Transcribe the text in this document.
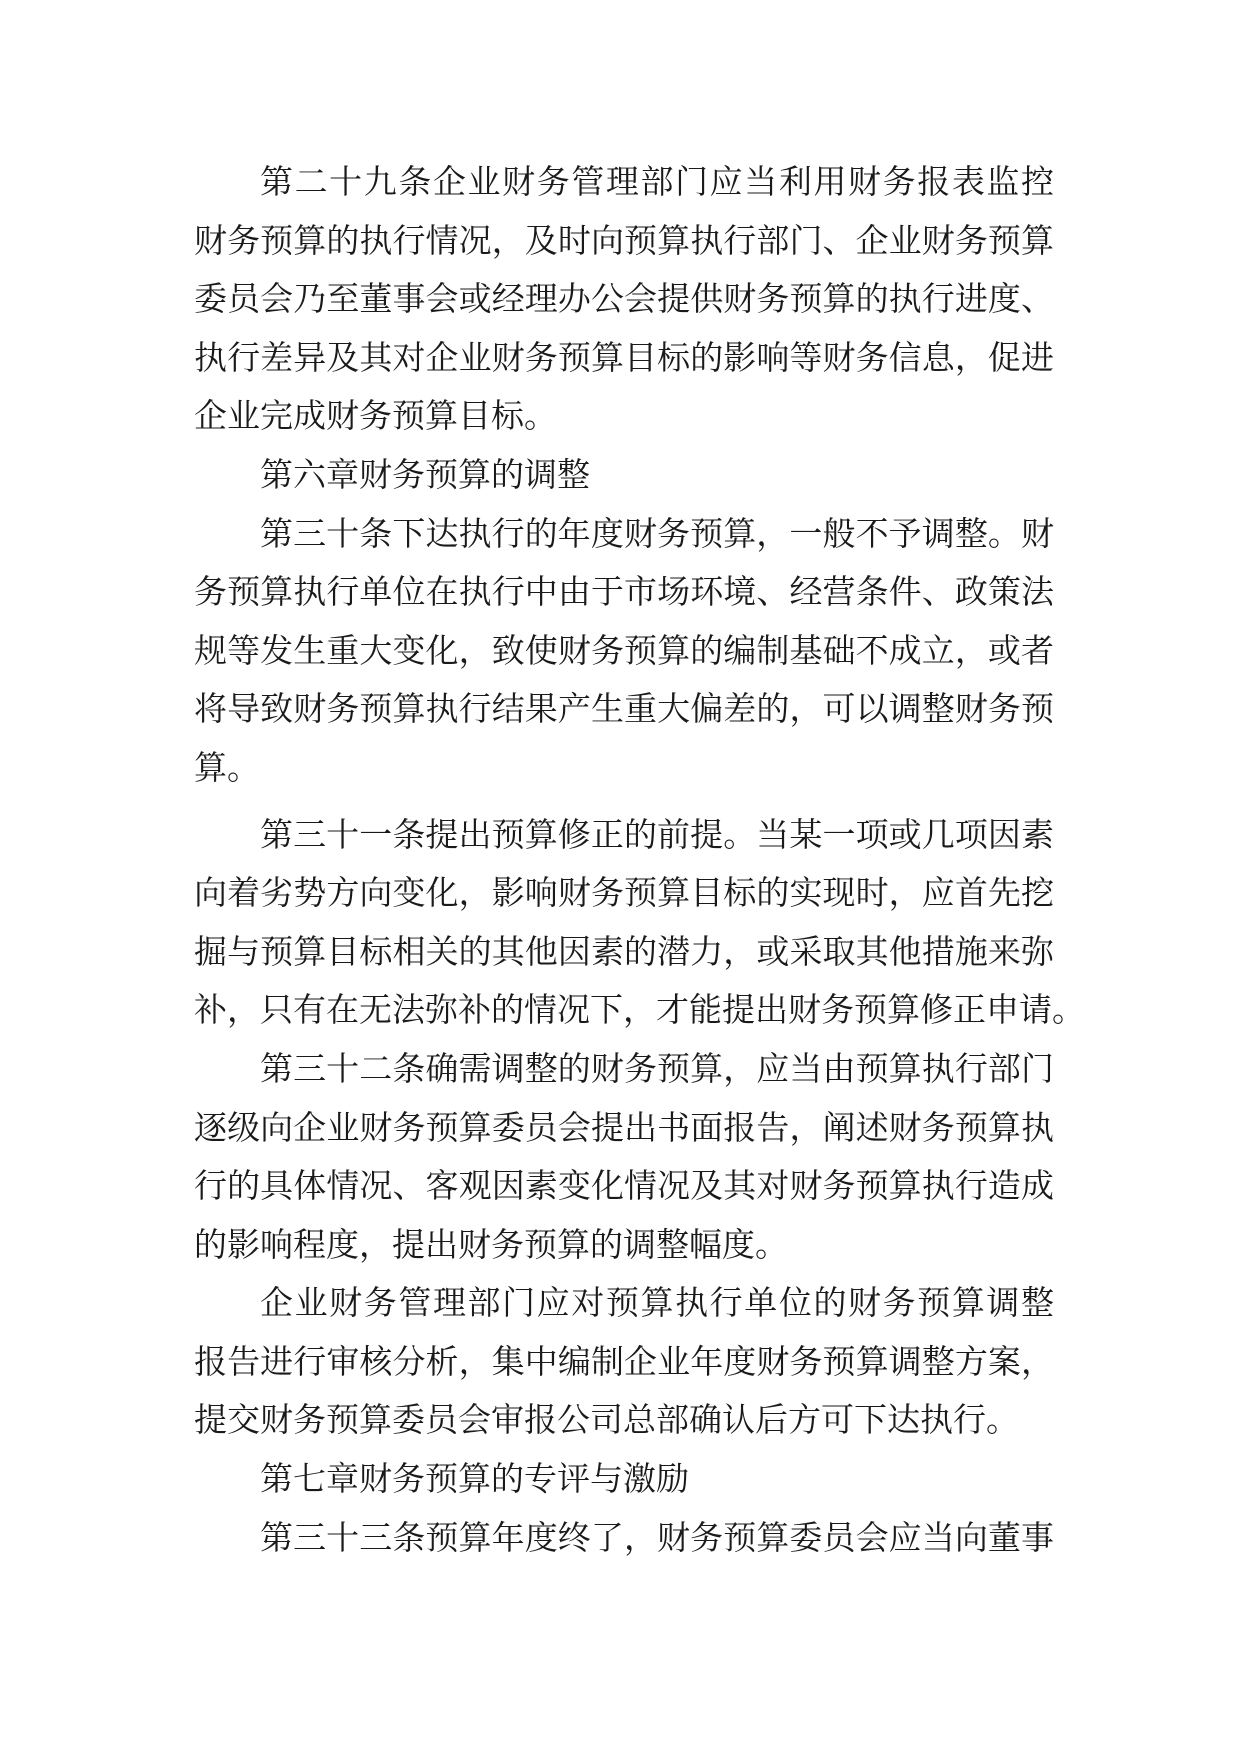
第二十九条企业财务管理部门应当利用财务报表监控
财务预算的执行情况，及时向预算执行部门、企业财务预算
委员会乃至董事会或经理办公会提供财务预算的执行进度、
执行差异及其对企业财务预算目标的影响等财务信息，促进
企业完成财务预算目标。
第六章财务预算的调整
第三十条下达执行的年度财务预算，一般不予调整。财
务预算执行单位在执行中由于市场环境、经营条件、政策法
规等发生重大变化，致使财务预算的编制基础不成立，或者
将导致财务预算执行结果产生重大偏差的，可以调整财务预
算。
第三十一条提出预算修正的前提。当某一项或几项因素
向着劣势方向变化，影响财务预算目标的实现时，应首先挖
掘与预算目标相关的其他因素的潜力，或采取其他措施来弥
补，只有在无法弥补的情况下，才能提出财务预算修正申请。
第三十二条确需调整的财务预算，应当由预算执行部门
逐级向企业财务预算委员会提出书面报告，阐述财务预算执
行的具体情况、客观因素变化情况及其对财务预算执行造成
的影响程度，提出财务预算的调整幅度。
企业财务管理部门应对预算执行单位的财务预算调整
报告进行审核分析，集中编制企业年度财务预算调整方案，
提交财务预算委员会审报公司总部确认后方可下达执行。
第七章财务预算的专评与激励
第三十三条预算年度终了，财务预算委员会应当向董事
